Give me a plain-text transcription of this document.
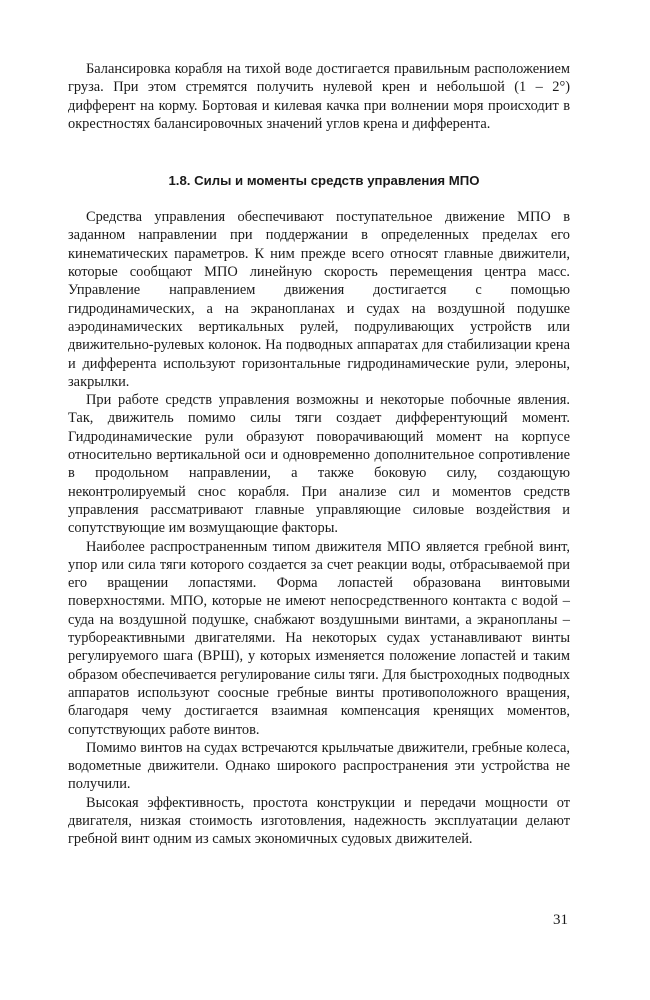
Балансировка корабля на тихой воде достигается правильным расположением груза. При этом стремятся получить нулевой крен и небольшой (1 – 2°) дифферент на корму. Бортовая и килевая качка при волнении моря происходит в окрестностях балансировочных значений углов крена и дифферента.

1.8. Силы и моменты средств управления МПО

Средства управления обеспечивают поступательное движение МПО в заданном направлении при поддержании в определенных пределах его кинематических параметров. К ним прежде всего относят главные движители, которые сообщают МПО линейную скорость перемещения центра масс. Управление направлением движения достигается с помощью гидродинамических, а на экранопланах и судах на воздушной подушке аэродинамических вертикальных рулей, подруливающих устройств или движительно-рулевых колонок. На подводных аппаратах для стабилизации крена и дифферента используют горизонтальные гидродинамические рули, элероны, закрылки.

При работе средств управления возможны и некоторые побочные явления. Так, движитель помимо силы тяги создает дифферентующий момент. Гидродинамические рули образуют поворачивающий момент на корпусе относительно вертикальной оси и одновременно дополнительное сопротивление в продольном направлении, а также боковую силу, создающую неконтролируемый снос корабля. При анализе сил и моментов средств управления рассматривают главные управляющие силовые воздействия и сопутствующие им возмущающие факторы.

Наиболее распространенным типом движителя МПО является гребной винт, упор или сила тяги которого создается за счет реакции воды, отбрасываемой при его вращении лопастями. Форма лопастей образована винтовыми поверхностями. МПО, которые не имеют непосредственного контакта с водой – суда на воздушной подушке, снабжают воздушными винтами, а экранопланы – турбореактивными двигателями. На некоторых судах устанавливают винты регулируемого шага (ВРШ), у которых изменяется положение лопастей и таким образом обеспечивается регулирование силы тяги. Для быстроходных подводных аппаратов используют соосные гребные винты противоположного вращения, благодаря чему достигается взаимная компенсация кренящих моментов, сопутствующих работе винтов.

Помимо винтов на судах встречаются крыльчатые движители, гребные колеса, водометные движители. Однако широкого распространения эти устройства не получили.

Высокая эффективность, простота конструкции и передачи мощности от двигателя, низкая стоимость изготовления, надежность эксплуатации делают гребной винт одним из самых экономичных судовых движителей.

31
